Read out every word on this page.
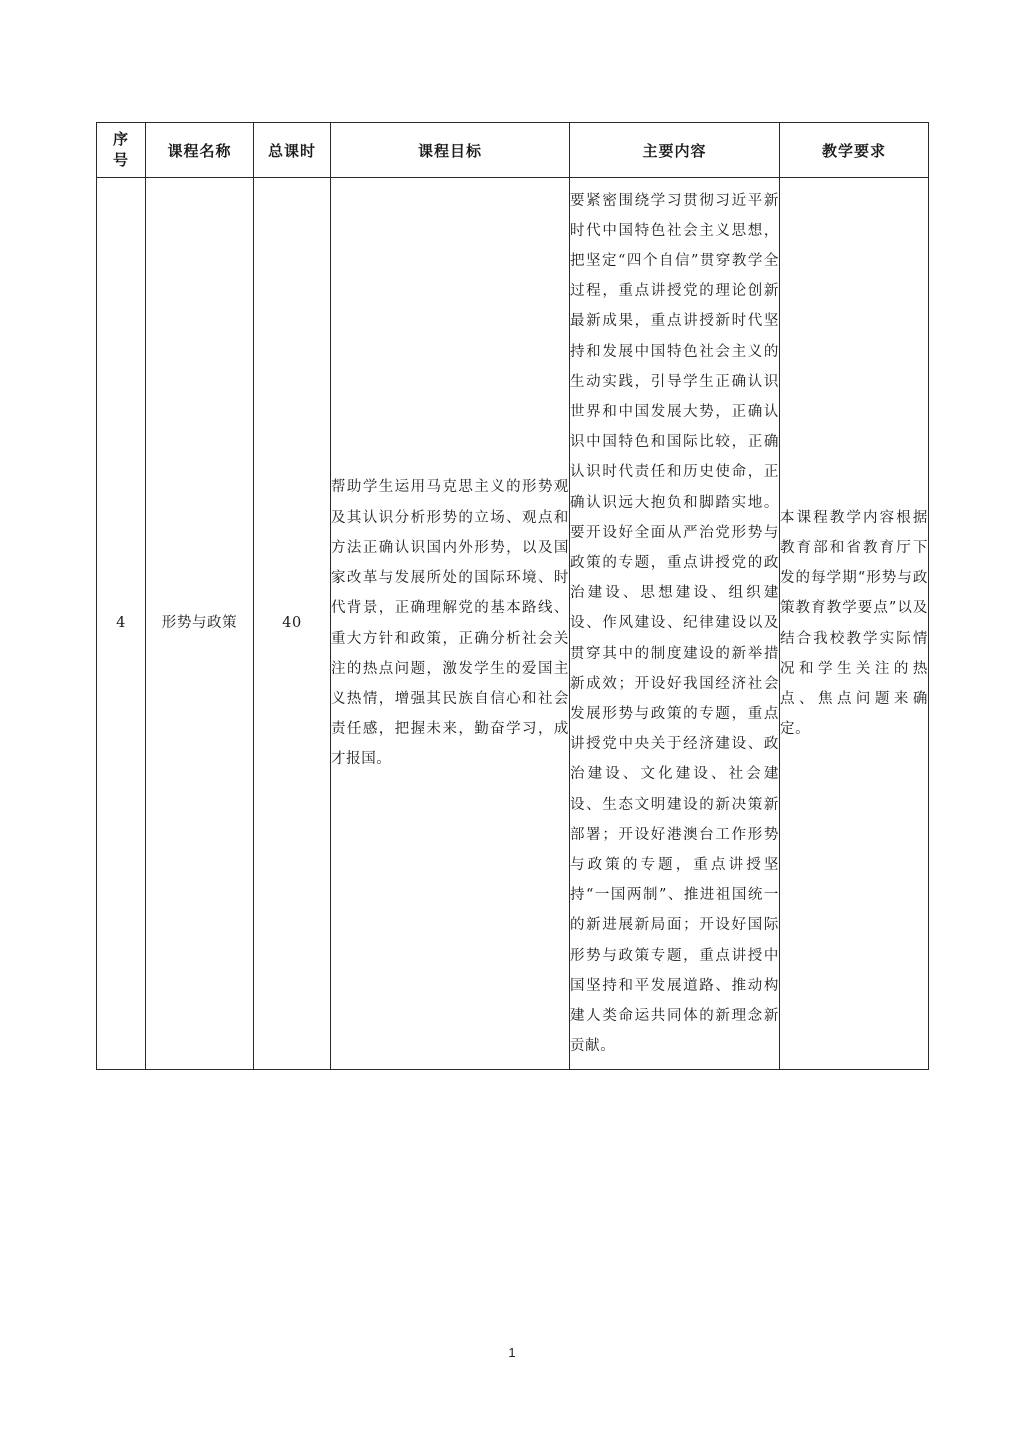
序
号	课程名称	总课时	课程目标	主要内容	教学要求
4	形势与政策	40	帮助学生运用马克思主义的形势观及其认识分析形势的立场、观点和方法正确认识国内外形势，以及国家改革与发展所处的国际环境、时代背景，正确理解党的基本路线、重大方针和政策，正确分析社会关注的热点问题，激发学生的爱国主义热情，增强其民族自信心和社会责任感，把握未来，勤奋学习，成才报国。	要紧密围绕学习贯彻习近平新时代中国特色社会主义思想，把坚定“四个自信”贯穿教学全过程，重点讲授党的理论创新最新成果，重点讲授新时代坚持和发展中国特色社会主义的生动实践，引导学生正确认识世界和中国发展大势，正确认识中国特色和国际比较，正确认识时代责任和历史使命，正确认识远大抱负和脚踏实地。要开设好全面从严治党形势与政策的专题，重点讲授党的政治建设、思想建设、组织建设、作风建设、纪律建设以及贯穿其中的制度建设的新举措新成效；开设好我国经济社会发展形势与政策的专题，重点讲授党中央关于经济建设、政治建设、文化建设、社会建设、生态文明建设的新决策新部署；开设好港澳台工作形势与政策的专题，重点讲授坚持“一国两制”、推进祖国统一的新进展新局面；开设好国际形势与政策专题，重点讲授中国坚持和平发展道路、推动构建人类命运共同体的新理念新贡献。	本课程教学内容根据教育部和省教育厅下发的每学期“形势与政策教育教学要点”以及结合我校教学实际情况和学生关注的热点、焦点问题来确定。
1
